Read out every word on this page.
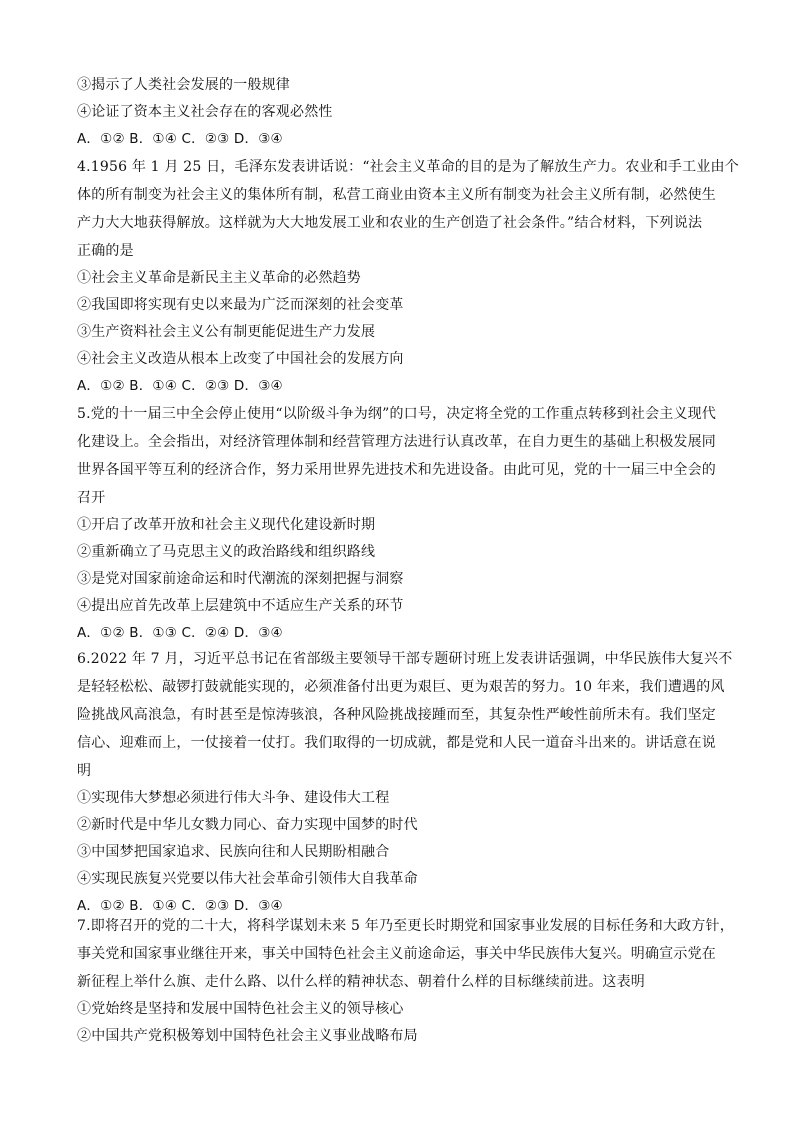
③揭示了人类社会发展的一般规律
④论证了资本主义社会存在的客观必然性
A．①② B．①④ C．②③ D．③④
4.1956 年 1 月 25 日，毛泽东发表讲话说：“社会主义革命的目的是为了解放生产力。农业和手工业由个
体的所有制变为社会主义的集体所有制，私营工商业由资本主义所有制变为社会主义所有制，必然使生
产力大大地获得解放。这样就为大大地发展工业和农业的生产创造了社会条件。”结合材料，下列说法
正确的是
①社会主义革命是新民主主义革命的必然趋势
②我国即将实现有史以来最为广泛而深刻的社会变革
③生产资料社会主义公有制更能促进生产力发展
④社会主义改造从根本上改变了中国社会的发展方向
A．①② B．①④ C．②③ D．③④
5.党的十一届三中全会停止使用“以阶级斗争为纲”的口号，决定将全党的工作重点转移到社会主义现代
化建设上。全会指出，对经济管理体制和经营管理方法进行认真改革，在自力更生的基础上积极发展同
世界各国平等互利的经济合作，努力采用世界先进技术和先进设备。由此可见，党的十一届三中全会的
召开
①开启了改革开放和社会主义现代化建设新时期
②重新确立了马克思主义的政治路线和组织路线
③是党对国家前途命运和时代潮流的深刻把握与洞察
④提出应首先改革上层建筑中不适应生产关系的环节
A．①② B．①③ C．②④ D．③④
6.2022 年 7 月，习近平总书记在省部级主要领导干部专题研讨班上发表讲话强调，中华民族伟大复兴不
是轻轻松松、敲锣打鼓就能实现的，必须准备付出更为艰巨、更为艰苦的努力。10 年来，我们遭遇的风
险挑战风高浪急，有时甚至是惊涛骇浪，各种风险挑战接踵而至，其复杂性严峻性前所未有。我们坚定
信心、迎难而上，一仗接着一仗打。我们取得的一切成就，都是党和人民一道奋斗出来的。讲话意在说
明
①实现伟大梦想必须进行伟大斗争、建设伟大工程
②新时代是中华儿女戮力同心、奋力实现中国梦的时代
③中国梦把国家追求、民族向往和人民期盼相融合
④实现民族复兴党要以伟大社会革命引领伟大自我革命
A．①② B．①④ C．②③ D．③④
7.即将召开的党的二十大，将科学谋划未来 5 年乃至更长时期党和国家事业发展的目标任务和大政方针，
事关党和国家事业继往开来，事关中国特色社会主义前途命运，事关中华民族伟大复兴。明确宣示党在
新征程上举什么旗、走什么路、以什么样的精神状态、朝着什么样的目标继续前进。这表明
①党始终是坚持和发展中国特色社会主义的领导核心
②中国共产党积极筹划中国特色社会主义事业战略布局
